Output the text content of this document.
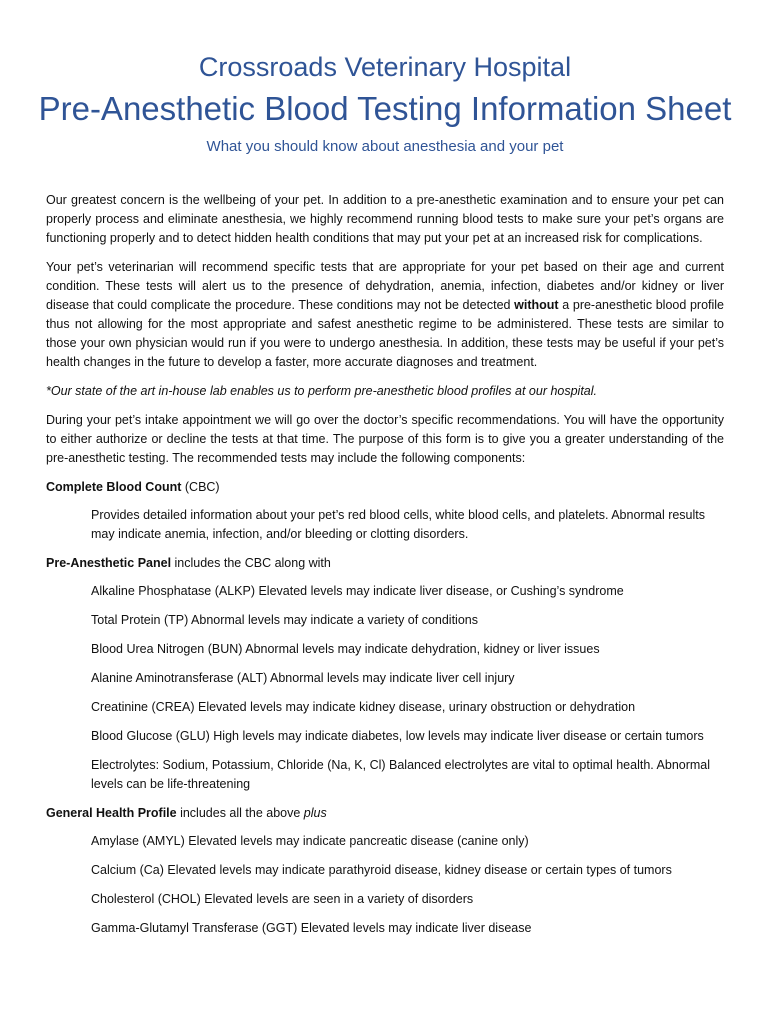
Crossroads Veterinary Hospital
Pre-Anesthetic Blood Testing Information Sheet
What you should know about anesthesia and your pet

Our greatest concern is the wellbeing of your pet. In addition to a pre-anesthetic examination and to ensure your pet can properly process and eliminate anesthesia, we highly recommend running blood tests to make sure your pet’s organs are functioning properly and to detect hidden health conditions that may put your pet at an increased risk for complications.

Your pet’s veterinarian will recommend specific tests that are appropriate for your pet based on their age and current condition. These tests will alert us to the presence of dehydration, anemia, infection, diabetes and/or kidney or liver disease that could complicate the procedure. These conditions may not be detected without a pre-anesthetic blood profile thus not allowing for the most appropriate and safest anesthetic regime to be administered. These tests are similar to those your own physician would run if you were to undergo anesthesia. In addition, these tests may be useful if your pet’s health changes in the future to develop a faster, more accurate diagnoses and treatment.

*Our state of the art in-house lab enables us to perform pre-anesthetic blood profiles at our hospital.

During your pet’s intake appointment we will go over the doctor’s specific recommendations. You will have the opportunity to either authorize or decline the tests at that time. The purpose of this form is to give you a greater understanding of the pre-anesthetic testing. The recommended tests may include the following components:

Complete Blood Count (CBC)
Provides detailed information about your pet’s red blood cells, white blood cells, and platelets. Abnormal results may indicate anemia, infection, and/or bleeding or clotting disorders.
Pre-Anesthetic Panel includes the CBC along with
Alkaline Phosphatase (ALKP) Elevated levels may indicate liver disease, or Cushing’s syndrome
Total Protein (TP) Abnormal levels may indicate a variety of conditions
Blood Urea Nitrogen (BUN) Abnormal levels may indicate dehydration, kidney or liver issues
Alanine Aminotransferase (ALT) Abnormal levels may indicate liver cell injury
Creatinine (CREA) Elevated levels may indicate kidney disease, urinary obstruction or dehydration
Blood Glucose (GLU) High levels may indicate diabetes, low levels may indicate liver disease or certain tumors
Electrolytes: Sodium, Potassium, Chloride (Na, K, Cl) Balanced electrolytes are vital to optimal health. Abnormal levels can be life-threatening
General Health Profile includes all the above plus
Amylase (AMYL) Elevated levels may indicate pancreatic disease (canine only)
Calcium (Ca) Elevated levels may indicate parathyroid disease, kidney disease or certain types of tumors
Cholesterol (CHOL) Elevated levels are seen in a variety of disorders
Gamma-Glutamyl Transferase (GGT) Elevated levels may indicate liver disease
